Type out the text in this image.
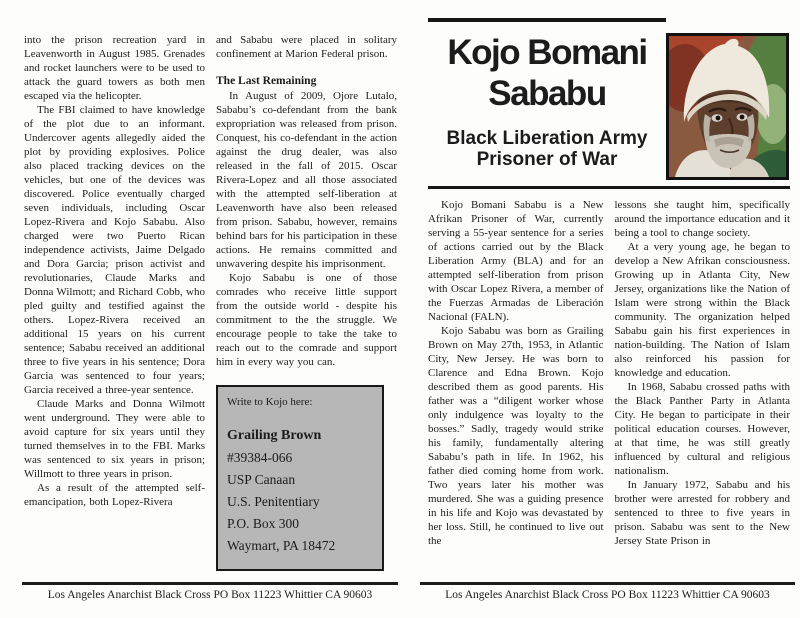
into the prison recreation yard in Leavenworth in August 1985. Grenades and rocket launchers were to be used to attack the guard towers as both men escaped via the helicopter.

The FBI claimed to have knowledge of the plot due to an informant. Undercover agents allegedly aided the plot by providing explosives. Police also placed tracking devices on the vehicles, but one of the devices was discovered. Police eventually charged seven individuals, including Oscar Lopez-Rivera and Kojo Sababu. Also charged were two Puerto Rican independence activists, Jaime Delgado and Dora Garcia; prison activist and revolutionaries, Claude Marks and Donna Wilmott; and Richard Cobb, who pled guilty and testified against the others. Lopez-Rivera received an additional 15 years on his current sentence; Sababu received an additional three to five years in his sentence; Dora Garcia was sentenced to four years; Garcia received a three-year sentence.

Claude Marks and Donna Wilmott went underground. They were able to avoid capture for six years until they turned themselves in to the FBI. Marks was sentenced to six years in prison; Willmott to three years in prison.

As a result of the attempted self-emancipation, both Lopez-Rivera

and Sababu were placed in solitary confinement at Marion Federal prison.

The Last Remaining

In August of 2009, Ojore Lutalo, Sababu’s co-defendant from the bank expropriation was released from prison. Conquest, his co-defendant in the action against the drug dealer, was also released in the fall of 2015. Oscar Rivera-Lopez and all those associated with the attempted self-liberation at Leavenworth have also been released from prison. Sababu, however, remains behind bars for his participation in these actions. He remains committed and unwavering despite his imprisonment.

Kojo Sababu is one of those comrades who receive little support from the outside world - despite his commitment to the the struggle. We encourage people to take the take to reach out to the comrade and support him in every way you can.

Write to Kojo here:
Grailing Brown
#39384-066
USP Canaan
U.S. Penitentiary
P.O. Box 300
Waymart, PA 18472
Los Angeles Anarchist Black Cross PO Box 11223 Whittier CA 90603
Kojo Bomani
Sababu
Black Liberation Army
Prisoner of War

Kojo Bomani Sababu is a New Afrikan Prisoner of War, currently serving a 55-year sentence for a series of actions carried out by the Black Liberation Army (BLA) and for an attempted self-liberation from prison with Oscar Lopez Rivera, a member of the Fuerzas Armadas de Liberación Nacional (FALN).

Kojo Sababu was born as Grailing Brown on May 27th, 1953, in Atlantic City, New Jersey. He was born to Clarence and Edna Brown. Kojo described them as good parents. His father was a “diligent worker whose only indulgence was loyalty to the bosses.” Sadly, tragedy would strike his family, fundamentally altering Sababu’s path in life. In 1962, his father died coming home from work. Two years later his mother was murdered. She was a guiding presence in his life and Kojo was devastated by her loss. Still, he continued to live out the

lessons she taught him, specifically around the importance education and it being a tool to change society.

At a very young age, he began to develop a New Afrikan consciousness. Growing up in Atlanta City, New Jersey, organizations like the Nation of Islam were strong within the Black community. The organization helped Sababu gain his first experiences in nation-building. The Nation of Islam also reinforced his passion for knowledge and education.

In 1968, Sababu crossed paths with the Black Panther Party in Atlanta City. He began to participate in their political education courses. However, at that time, he was still greatly influenced by cultural and religious nationalism.

In January 1972, Sababu and his brother were arrested for robbery and sentenced to three to five years in prison. Sababu was sent to the New Jersey State Prison in

Los Angeles Anarchist Black Cross PO Box 11223 Whittier CA 90603
